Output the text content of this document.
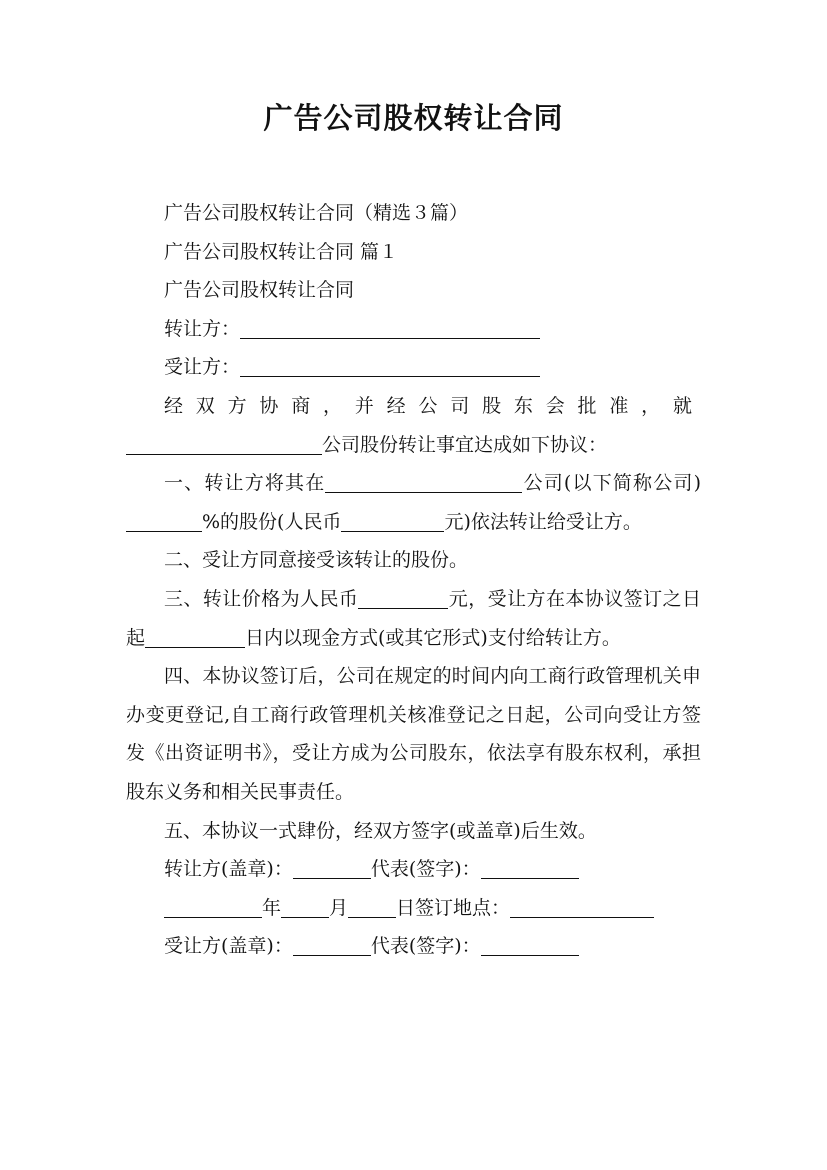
广告公司股权转让合同

广告公司股权转让合同（精选３篇）

广告公司股权转让合同 篇１

广告公司股权转让合同

转让方：

受让方：

经双方协商，并经公司股东会批准，就

公司股份转让事宜达成如下协议：

一、转让方将其在	公司(以下简称公司)%的股份(人民币	元)依法转让给受让方。

二、受让方同意接受该转让的股份。

三、转让价格为人民币	元，受让方在本协议签订之日起	日内以现金方式(或其它形式)支付给转让方。

四、本协议签订后，公司在规定的时间内向工商行政管理机关申办变更登记,自工商行政管理机关核准登记之日起，公司向受让方签发《出资证明书》，受让方成为公司股东，依法享有股东权利，承担股东义务和相关民事责任。

五、本协议一式肆份，经双方签字(或盖章)后生效。

转让方(盖章)：	代表(签字)：

年	月	日签订地点：

受让方(盖章)：	代表(签字)：
